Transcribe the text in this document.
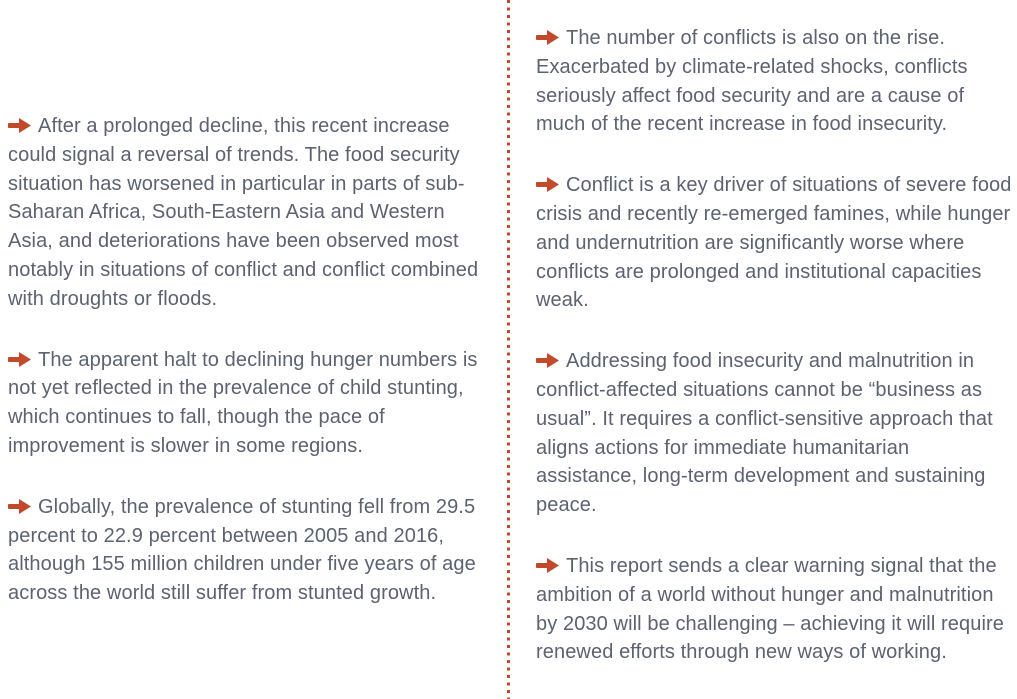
After a prolonged decline, this recent increase could signal a reversal of trends. The food security situation has worsened in particular in parts of sub-Saharan Africa, South-Eastern Asia and Western Asia, and deteriorations have been observed most notably in situations of conflict and conflict combined with droughts or floods.
The apparent halt to declining hunger numbers is not yet reflected in the prevalence of child stunting, which continues to fall, though the pace of improvement is slower in some regions.
Globally, the prevalence of stunting fell from 29.5 percent to 22.9 percent between 2005 and 2016, although 155 million children under five years of age across the world still suffer from stunted growth.
The number of conflicts is also on the rise. Exacerbated by climate-related shocks, conflicts seriously affect food security and are a cause of much of the recent increase in food insecurity.
Conflict is a key driver of situations of severe food crisis and recently re-emerged famines, while hunger and undernutrition are significantly worse where conflicts are prolonged and institutional capacities weak.
Addressing food insecurity and malnutrition in conflict-affected situations cannot be “business as usual”. It requires a conflict-sensitive approach that aligns actions for immediate humanitarian assistance, long-term development and sustaining peace.
This report sends a clear warning signal that the ambition of a world without hunger and malnutrition by 2030 will be challenging – achieving it will require renewed efforts through new ways of working.
